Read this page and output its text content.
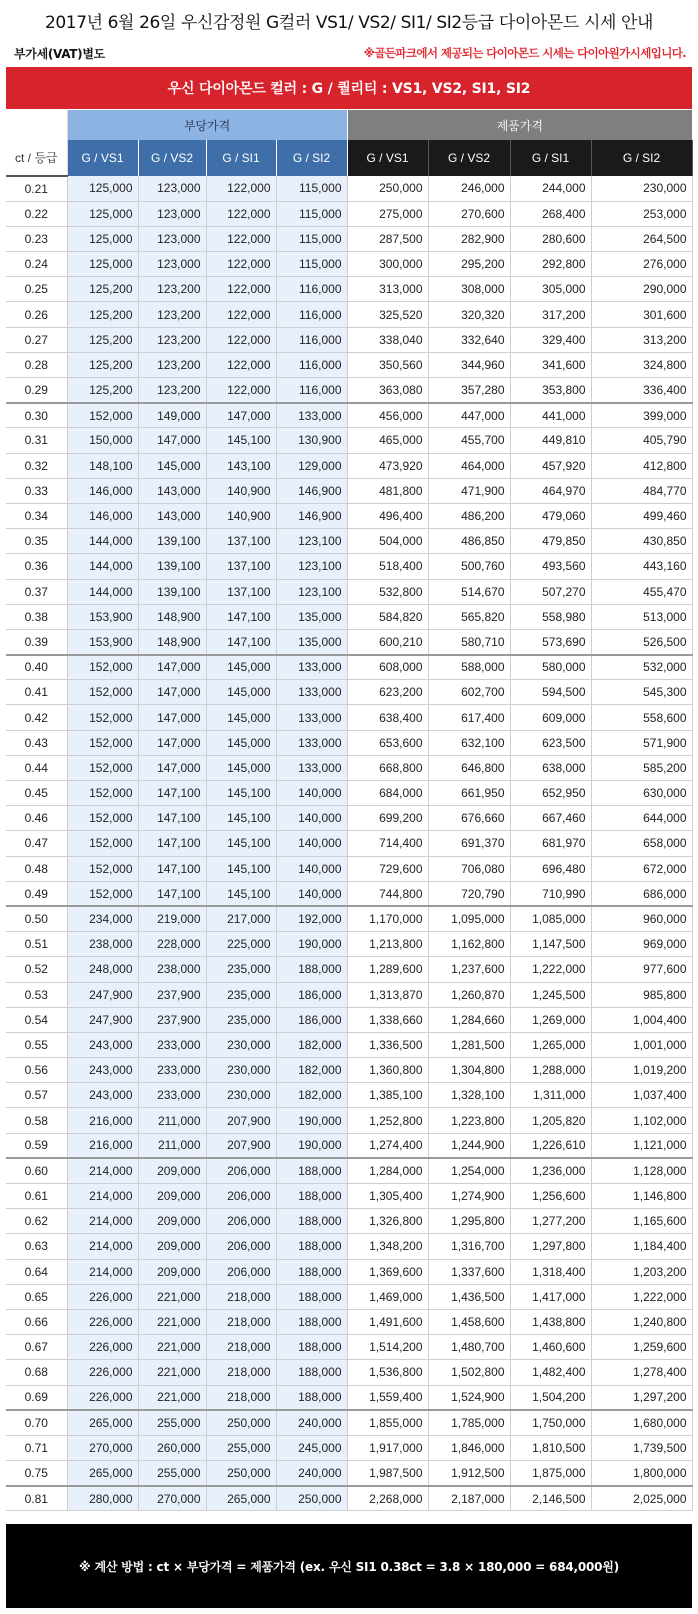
2017년 6월 26일 우신감정원 G컬러 VS1/ VS2/ SI1/ SI2등급 다이아몬드 시세 안내
부가세(VAT)별도	※골든파크에서 제공되는 다이아몬드 시세는 다이아원가시세입니다.
우신 다이아몬드 컬러 : G / 퀄리티 : VS1, VS2, SI1, SI2
	부당가격				제품가격			
ct / 등급	G / VS1	G / VS2	G / SI1	G / SI2	G / VS1	G / VS2	G / SI1	G / SI2
0.21	125,000	123,000	122,000	115,000	250,000	246,000	244,000	230,000
0.22	125,000	123,000	122,000	115,000	275,000	270,600	268,400	253,000
0.23	125,000	123,000	122,000	115,000	287,500	282,900	280,600	264,500
0.24	125,000	123,000	122,000	115,000	300,000	295,200	292,800	276,000
0.25	125,200	123,200	122,000	116,000	313,000	308,000	305,000	290,000
0.26	125,200	123,200	122,000	116,000	325,520	320,320	317,200	301,600
0.27	125,200	123,200	122,000	116,000	338,040	332,640	329,400	313,200
0.28	125,200	123,200	122,000	116,000	350,560	344,960	341,600	324,800
0.29	125,200	123,200	122,000	116,000	363,080	357,280	353,800	336,400
0.30	152,000	149,000	147,000	133,000	456,000	447,000	441,000	399,000
0.31	150,000	147,000	145,100	130,900	465,000	455,700	449,810	405,790
0.32	148,100	145,000	143,100	129,000	473,920	464,000	457,920	412,800
0.33	146,000	143,000	140,900	146,900	481,800	471,900	464,970	484,770
0.34	146,000	143,000	140,900	146,900	496,400	486,200	479,060	499,460
0.35	144,000	139,100	137,100	123,100	504,000	486,850	479,850	430,850
0.36	144,000	139,100	137,100	123,100	518,400	500,760	493,560	443,160
0.37	144,000	139,100	137,100	123,100	532,800	514,670	507,270	455,470
0.38	153,900	148,900	147,100	135,000	584,820	565,820	558,980	513,000
0.39	153,900	148,900	147,100	135,000	600,210	580,710	573,690	526,500
0.40	152,000	147,000	145,000	133,000	608,000	588,000	580,000	532,000
0.41	152,000	147,000	145,000	133,000	623,200	602,700	594,500	545,300
0.42	152,000	147,000	145,000	133,000	638,400	617,400	609,000	558,600
0.43	152,000	147,000	145,000	133,000	653,600	632,100	623,500	571,900
0.44	152,000	147,000	145,000	133,000	668,800	646,800	638,000	585,200
0.45	152,000	147,100	145,100	140,000	684,000	661,950	652,950	630,000
0.46	152,000	147,100	145,100	140,000	699,200	676,660	667,460	644,000
0.47	152,000	147,100	145,100	140,000	714,400	691,370	681,970	658,000
0.48	152,000	147,100	145,100	140,000	729,600	706,080	696,480	672,000
0.49	152,000	147,100	145,100	140,000	744,800	720,790	710,990	686,000
0.50	234,000	219,000	217,000	192,000	1,170,000	1,095,000	1,085,000	960,000
0.51	238,000	228,000	225,000	190,000	1,213,800	1,162,800	1,147,500	969,000
0.52	248,000	238,000	235,000	188,000	1,289,600	1,237,600	1,222,000	977,600
0.53	247,900	237,900	235,000	186,000	1,313,870	1,260,870	1,245,500	985,800
0.54	247,900	237,900	235,000	186,000	1,338,660	1,284,660	1,269,000	1,004,400
0.55	243,000	233,000	230,000	182,000	1,336,500	1,281,500	1,265,000	1,001,000
0.56	243,000	233,000	230,000	182,000	1,360,800	1,304,800	1,288,000	1,019,200
0.57	243,000	233,000	230,000	182,000	1,385,100	1,328,100	1,311,000	1,037,400
0.58	216,000	211,000	207,900	190,000	1,252,800	1,223,800	1,205,820	1,102,000
0.59	216,000	211,000	207,900	190,000	1,274,400	1,244,900	1,226,610	1,121,000
0.60	214,000	209,000	206,000	188,000	1,284,000	1,254,000	1,236,000	1,128,000
0.61	214,000	209,000	206,000	188,000	1,305,400	1,274,900	1,256,600	1,146,800
0.62	214,000	209,000	206,000	188,000	1,326,800	1,295,800	1,277,200	1,165,600
0.63	214,000	209,000	206,000	188,000	1,348,200	1,316,700	1,297,800	1,184,400
0.64	214,000	209,000	206,000	188,000	1,369,600	1,337,600	1,318,400	1,203,200
0.65	226,000	221,000	218,000	188,000	1,469,000	1,436,500	1,417,000	1,222,000
0.66	226,000	221,000	218,000	188,000	1,491,600	1,458,600	1,438,800	1,240,800
0.67	226,000	221,000	218,000	188,000	1,514,200	1,480,700	1,460,600	1,259,600
0.68	226,000	221,000	218,000	188,000	1,536,800	1,502,800	1,482,400	1,278,400
0.69	226,000	221,000	218,000	188,000	1,559,400	1,524,900	1,504,200	1,297,200
0.70	265,000	255,000	250,000	240,000	1,855,000	1,785,000	1,750,000	1,680,000
0.71	270,000	260,000	255,000	245,000	1,917,000	1,846,000	1,810,500	1,739,500
0.75	265,000	255,000	250,000	240,000	1,987,500	1,912,500	1,875,000	1,800,000
0.81	280,000	270,000	265,000	250,000	2,268,000	2,187,000	2,146,500	2,025,000
※ 계산 방법 : ct × 부당가격 = 제품가격 (ex. 우신 SI1 0.38ct = 3.8 × 180,000 = 684,000원)
